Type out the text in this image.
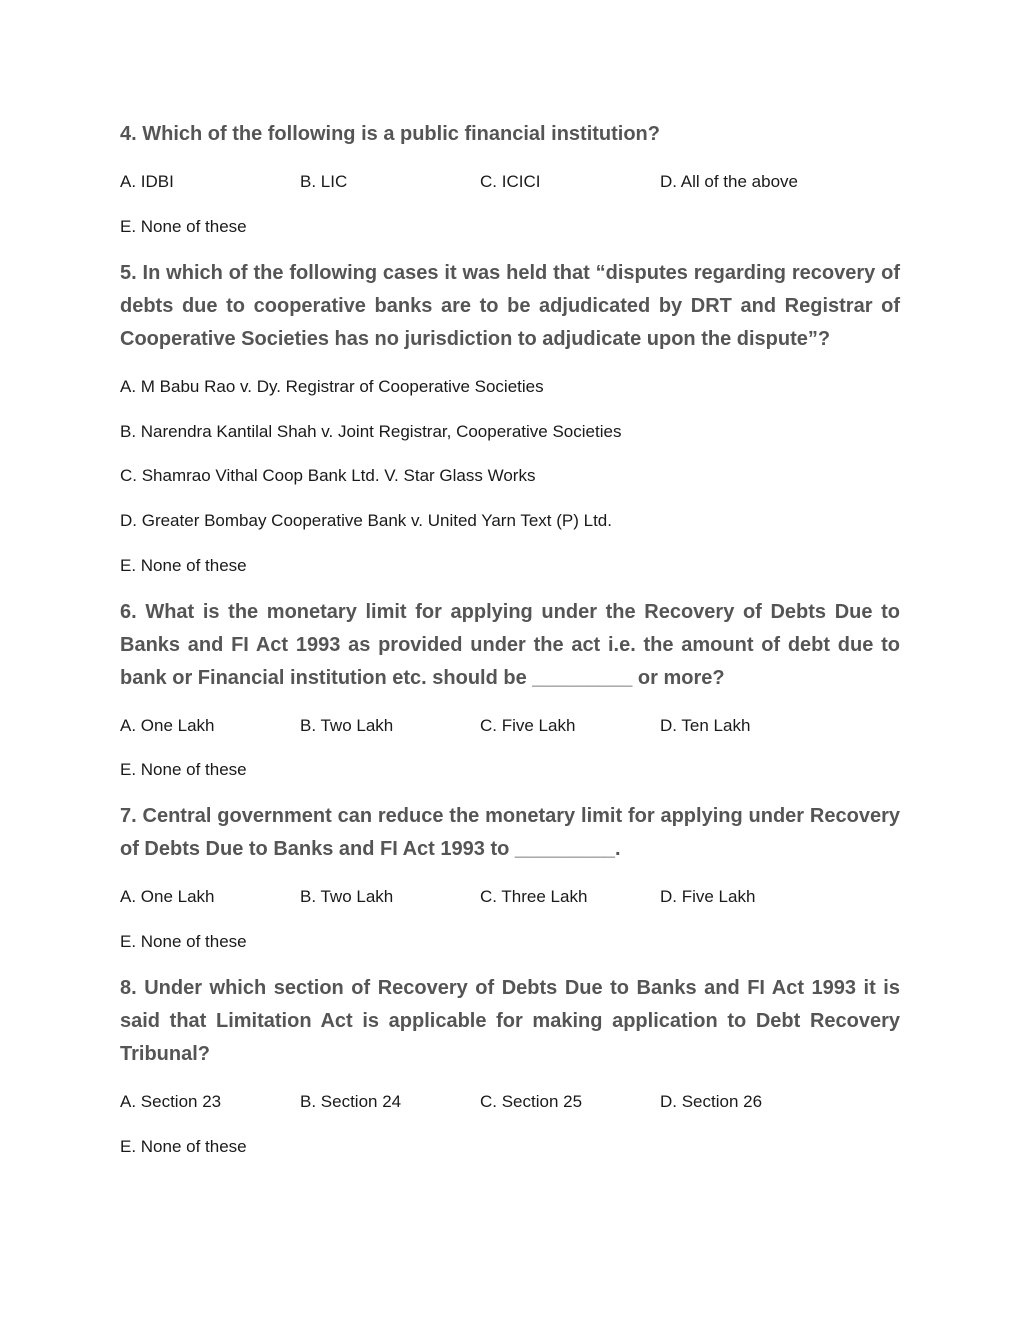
4. Which of the following is a public financial institution?

A. IDBI	B. LIC	C. ICICI	D. All of the above
E. None of these

5. In which of the following cases it was held that “disputes regarding recovery of debts due to cooperative banks are to be adjudicated by DRT and Registrar of Cooperative Societies has no jurisdiction to adjudicate upon the dispute”?

A. M Babu Rao v. Dy. Registrar of Cooperative Societies
B. Narendra Kantilal Shah v. Joint Registrar, Cooperative Societies
C. Shamrao Vithal Coop Bank Ltd. V. Star Glass Works
D. Greater Bombay Cooperative Bank v. United Yarn Text (P) Ltd.
E. None of these

6. What is the monetary limit for applying under the Recovery of Debts Due to Banks and FI Act 1993 as provided under the act i.e. the amount of debt due to bank or Financial institution etc. should be _________ or more?

A. One Lakh	B. Two Lakh	C. Five Lakh	D. Ten Lakh
E. None of these

7. Central government can reduce the monetary limit for applying under Recovery of Debts Due to Banks and FI Act 1993 to _________.

A. One Lakh	B. Two Lakh	C. Three Lakh	D. Five Lakh
E. None of these

8. Under which section of Recovery of Debts Due to Banks and FI Act 1993 it is said that Limitation Act is applicable for making application to Debt Recovery Tribunal?

A. Section 23	B. Section 24	C. Section 25	D. Section 26
E. None of these
